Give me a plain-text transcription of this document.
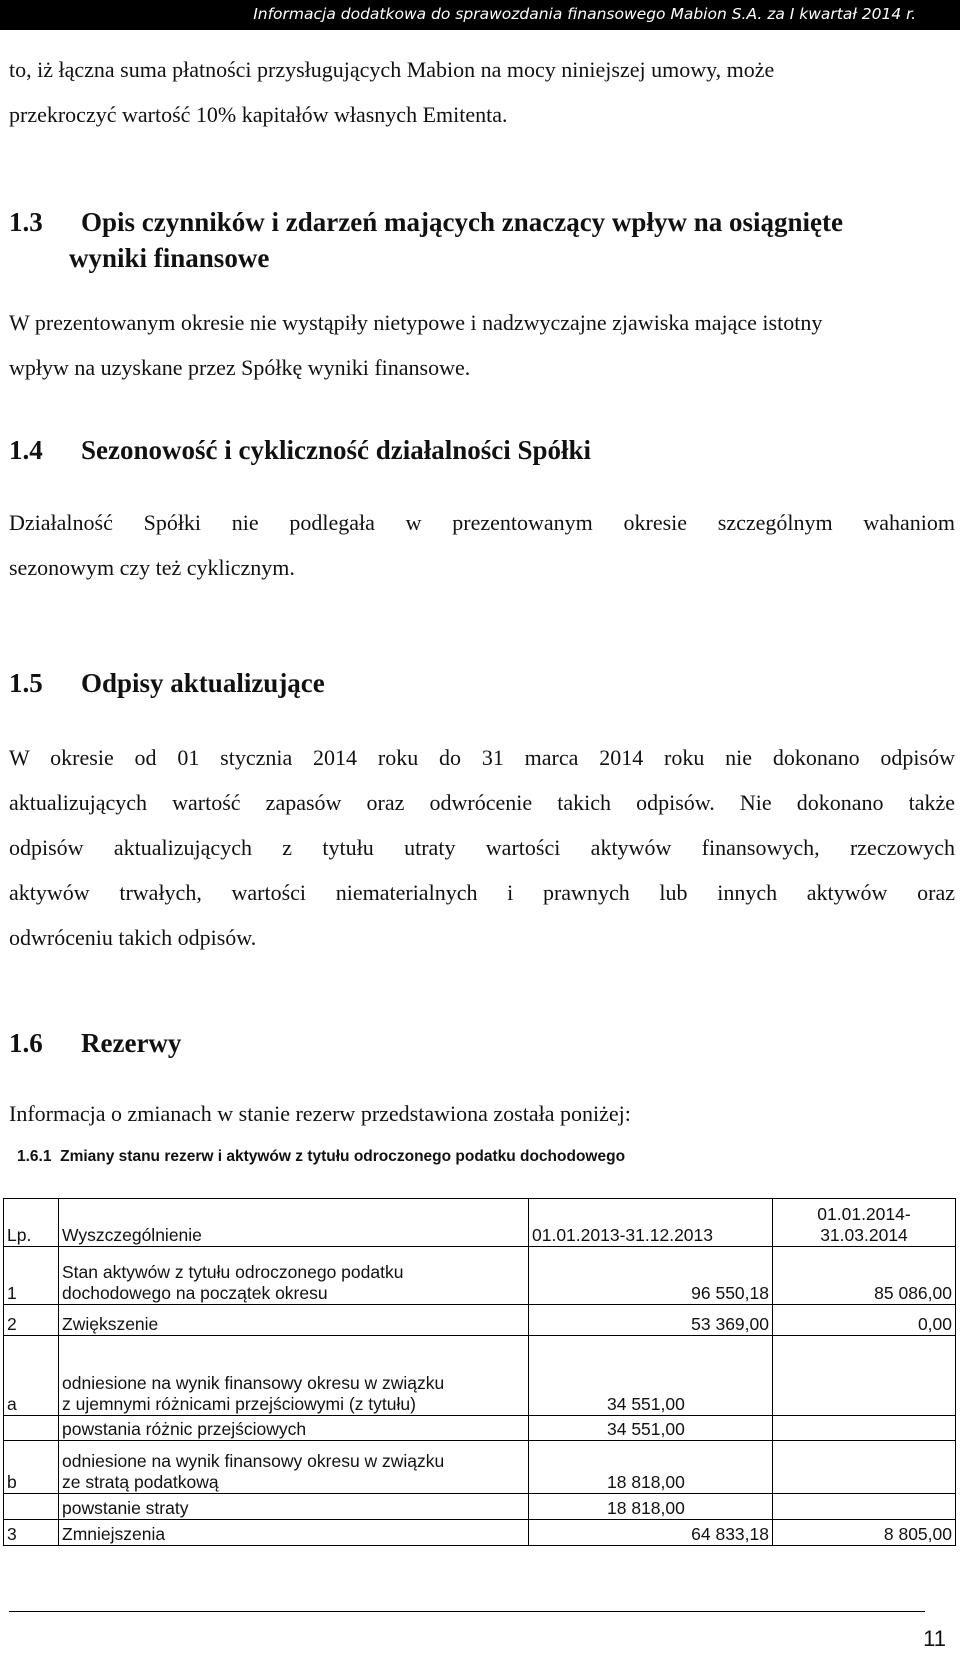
Informacja dodatkowa do sprawozdania finansowego Mabion S.A. za I kwartał 2014 r.
to, iż łączna suma płatności przysługujących Mabion na mocy niniejszej umowy, może
przekroczyć wartość 10% kapitałów własnych Emitenta.
1.3 Opis czynników i zdarzeń mających znaczący wpływ na osiągnięte
wyniki finansowe
W prezentowanym okresie nie wystąpiły nietypowe i nadzwyczajne zjawiska mające istotny
wpływ na uzyskane przez Spółkę wyniki finansowe.
1.4 Sezonowość i cykliczność działalności Spółki
Działalność Spółki nie podlegała w prezentowanym okresie szczególnym wahaniom
sezonowym czy też cyklicznym.
1.5 Odpisy aktualizujące
W okresie od 01 stycznia 2014 roku do 31 marca 2014 roku nie dokonano odpisów
aktualizujących wartość zapasów oraz odwrócenie takich odpisów. Nie dokonano także
odpisów aktualizujących z tytułu utraty wartości aktywów finansowych, rzeczowych
aktywów trwałych, wartości niematerialnych i prawnych lub innych aktywów oraz
odwróceniu takich odpisów.
1.6 Rezerwy
Informacja o zmianach w stanie rezerw przedstawiona została poniżej:
1.6.1 Zmiany stanu rezerw i aktywów z tytułu odroczonego podatku dochodowego
Lp.	Wyszczególnienie	01.01.2013-31.12.2013	01.01.2014-
31.03.2014

1	Stan aktywów z tytułu odroczonego podatku
dochodowego na początek okresu	96 550,18	85 086,00
2	Zwiększenie	53 369,00	0,00
a	odniesione na wynik finansowy okresu w związku
z ujemnymi różnicami przejściowymi (z tytułu)	34 551,00	
	powstania różnic przejściowych	34 551,00	
b	odniesione na wynik finansowy okresu w związku
ze stratą podatkową	18 818,00	
	powstanie straty	18 818,00	
3	Zmniejszenia	64 833,18	8 805,00
11
